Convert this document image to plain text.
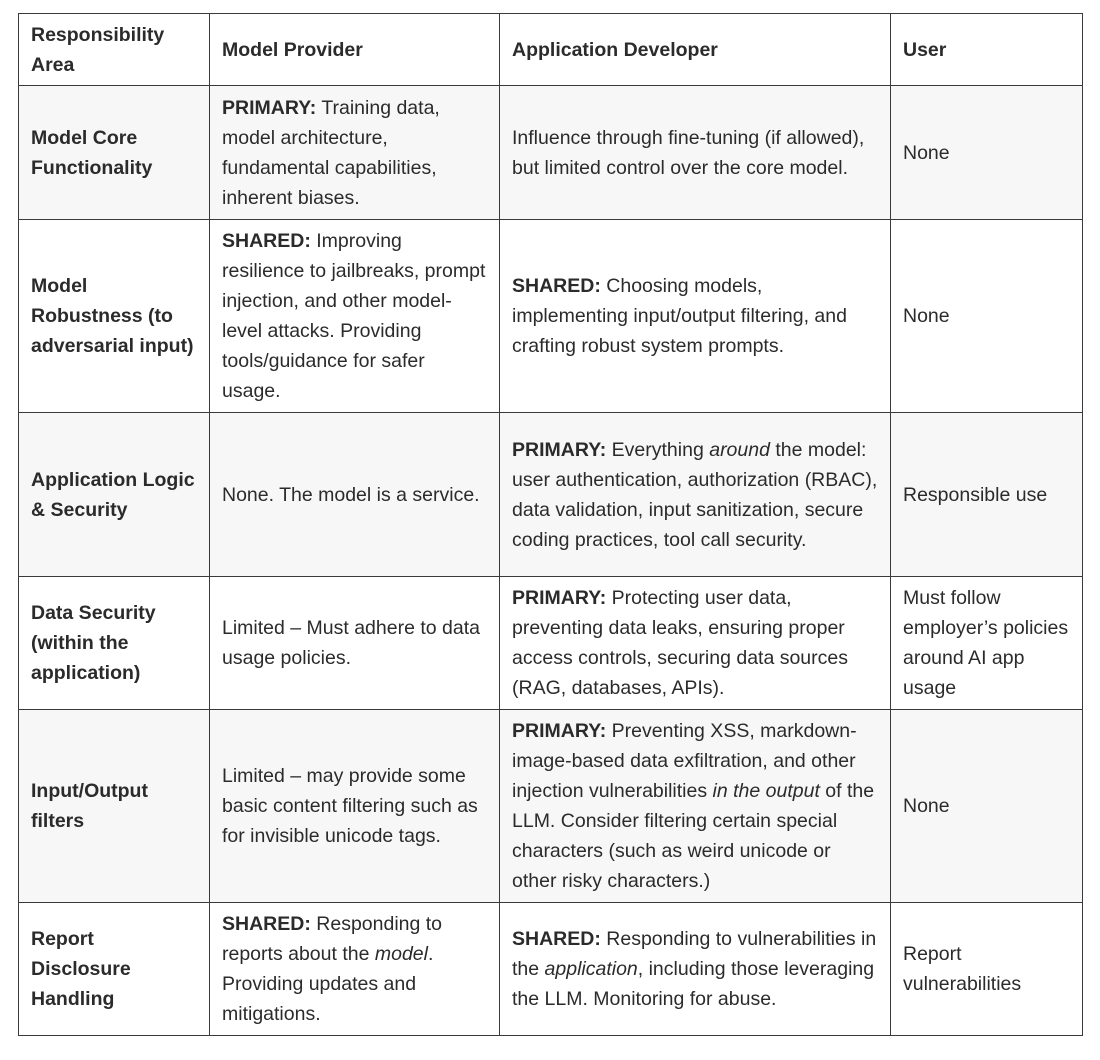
Responsibility Area	Model Provider	Application Developer	User
Model Core Functionality	PRIMARY: Training data, model architecture, fundamental capabilities, inherent biases.	Influence through fine-tuning (if allowed), but limited control over the core model.	None
Model Robustness (to adversarial input)	SHARED: Improving resilience to jailbreaks, prompt injection, and other model-level attacks. Providing tools/guidance for safer usage.	SHARED: Choosing models, implementing input/output filtering, and crafting robust system prompts.	None
Application Logic & Security	None. The model is a service.	PRIMARY: Everything around the model: user authentication, authorization (RBAC), data validation, input sanitization, secure coding practices, tool call security.	Responsible use
Data Security (within the application)	Limited – Must adhere to data usage policies.	PRIMARY: Protecting user data, preventing data leaks, ensuring proper access controls, securing data sources (RAG, databases, APIs).	Must follow employer’s policies around AI app usage
Input/Output filters	Limited – may provide some basic content filtering such as for invisible unicode tags.	PRIMARY: Preventing XSS, markdown-image-based data exfiltration, and other injection vulnerabilities in the output of the LLM. Consider filtering certain special characters (such as weird unicode or other risky characters.)	None
Report Disclosure Handling	SHARED: Responding to reports about the model. Providing updates and mitigations.	SHARED: Responding to vulnerabilities in the application, including those leveraging the LLM. Monitoring for abuse.	Report vulnerabilities
